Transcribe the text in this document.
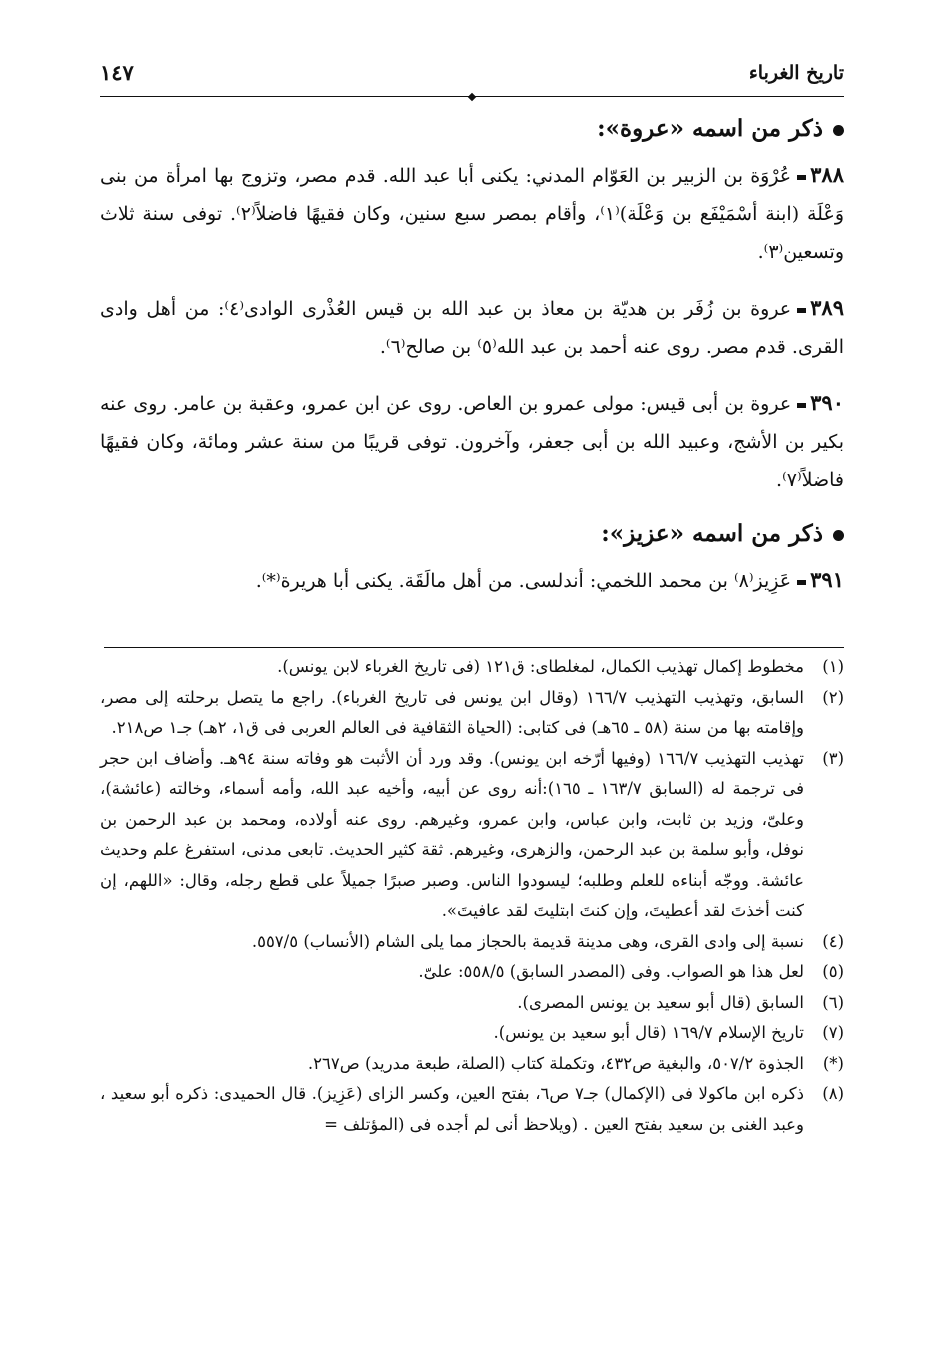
تاريخ الغرباء
١٤٧
ذكر من اسمه «عروة»:

٣٨٨عُرْوَة بن الزبير بن العَوّام المدني: يكنى أبا عبد الله. قدم مصر، وتزوج بها امرأة من بنى وَعْلَة (ابنة أسْمَيْفَع بن وَعْلَة)⁽١⁾، وأقام بمصر سبع سنين، وكان فقيهًا فاضلاً⁽٢⁾. توفى سنة ثلاث وتسعين⁽٣⁾.

٣٨٩عروة بن زُفَر بن هديّة بن معاذ بن عبد الله بن قيس العُذْرى الوادى⁽٤⁾: من أهل وادى القرى. قدم مصر. روى عنه أحمد بن عبد الله⁽٥⁾ بن صالح⁽٦⁾.

٣٩٠عروة بن أبى قيس: مولى عمرو بن العاص. روى عن ابن عمرو، وعقبة بن عامر. روى عنه بكير بن الأشج، وعبيد الله بن أبى جعفر، وآخرون. توفى قريبًا من سنة عشر ومائة، وكان فقيهًا فاضلاً⁽٧⁾.

ذكر من اسمه «عزيز»:

٣٩١عَزِيز⁽٨⁾ بن محمد اللخمي: أندلسى. من أهل مالَقَة. يكنى أبا هريرة⁽*⁾.

(١)مخطوط إكمال تهذيب الكمال، لمغلطاى: ق١٢١ (فى تاريخ الغرباء لابن يونس).

(٢)السابق، وتهذيب التهذيب ١٦٦/٧ (وقال ابن يونس فى تاريخ الغرباء). راجع ما يتصل برحلته إلى مصر، وإقامته بها من سنة (٥٨ ـ ٦٥هـ) فى كتابى: (الحياة الثقافية فى العالم العربى فى ق١، ٢هـ) جـ١ ص٢١٨.

(٣)تهذيب التهذيب ١٦٦/٧ (وفيها أرّخه ابن يونس). وقد ورد أن الأثبت هو وفاته سنة ٩٤هـ. وأضاف ابن حجر فى ترجمة له (السابق ١٦٣/٧ ـ ١٦٥):أنه روى عن أبيه، وأخيه عبد الله، وأمه أسماء، وخالته (عائشة)، وعلىّ، وزيد بن ثابت، وابن عباس، وابن عمرو، وغيرهم. روى عنه أولاده، ومحمد بن عبد الرحمن بن نوفل، وأبو سلمة بن عبد الرحمن، والزهرى، وغيرهم. ثقة كثير الحديث. تابعى مدنى، استفرغ علم وحديث عائشة. ووجّه أبناءه للعلم وطلبه؛ ليسودوا الناس. وصبر صبرًا جميلاً على قطع رجله، وقال: «اللهم، إن كنت أخذتَ لقد أعطيتَ، وإن كنتَ ابتليتَ لقد عافيتَ».

(٤)نسبة إلى وادى القرى، وهى مدينة قديمة بالحجاز مما يلى الشام (الأنساب) ٥٥٧/٥.

(٥)لعل هذا هو الصواب. وفى (المصدر السابق) ٥٥٨/٥: علىّ.

(٦)السابق (قال أبو سعيد بن يونس المصرى).

(٧)تاريخ الإسلام ١٦٩/٧ (قال أبو سعيد بن يونس).

(*)الجذوة ٥٠٧/٢، والبغية ص٤٣٢، وتكملة كتاب (الصلة، طبعة مدريد) ص٢٦٧.

(٨)ذكره ابن ماكولا فى (الإكمال) جـ٧ ص٦، بفتح العين، وكسر الزاى (عَزِيز). قال الحميدى: ذكره أبو سعيد ، وعبد الغنى بن سعيد بفتح العين . (ويلاحظ أنى لم أجده فى (المؤتلف =
